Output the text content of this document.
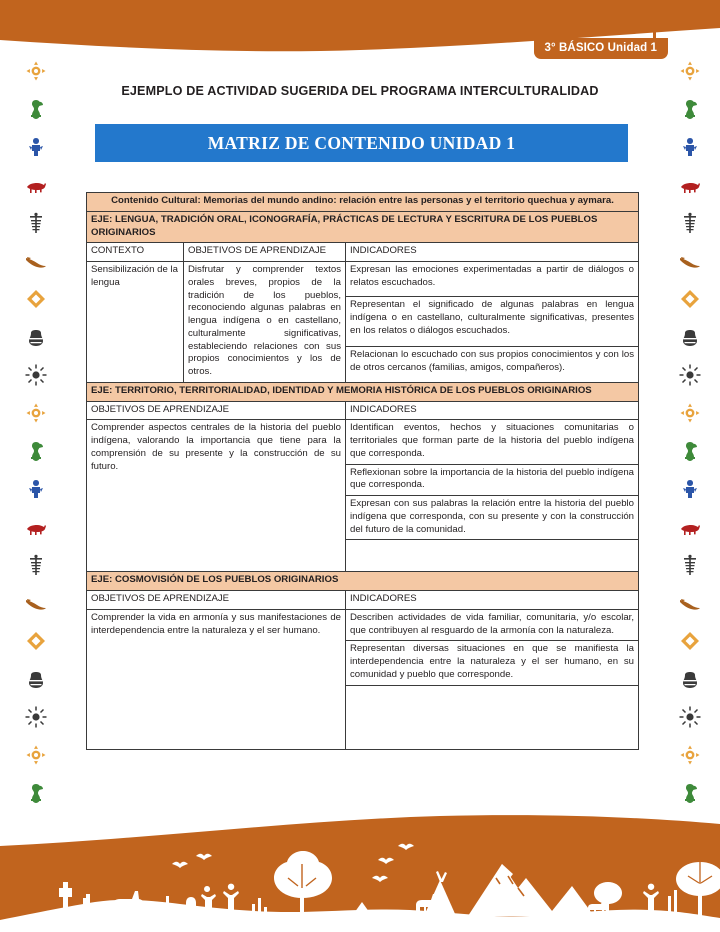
3° BÁSICO Unidad 1
EJEMPLO DE ACTIVIDAD SUGERIDA DEL PROGRAMA INTERCULTURALIDAD
MATRIZ DE CONTENIDO UNIDAD 1
Contenido Cultural: Memorias del mundo andino: relación entre las personas y el territorio quechua y aymara.		
EJE: LENGUA, TRADICIÓN ORAL, ICONOGRAFÍA, PRÁCTICAS DE LECTURA Y ESCRITURA DE LOS PUEBLOS ORIGINARIOS		
CONTEXTO	OBJETIVOS DE APRENDIZAJE	INDICADORES
Sensibilización de la lengua	Disfrutar y comprender textos orales breves, propios de la tradición de los pueblos, reconociendo algunas palabras en lengua indígena o en castellano, culturalmente significativas, estableciendo relaciones con sus propios conocimientos y los de otros.	Expresan las emociones experimentadas a partir de diálogos o relatos escuchados.
		Representan el significado de algunas palabras en lengua indígena o en castellano, culturalmente significativas, presentes en los relatos o diálogos escuchados.
		Relacionan lo escuchado con sus propios conocimientos y con los de otros cercanos (familias, amigos, compañeros).
EJE: TERRITORIO, TERRITORIALIDAD, IDENTIDAD Y MEMORIA HISTÓRICA DE LOS PUEBLOS ORIGINARIOS		
OBJETIVOS DE APRENDIZAJE		INDICADORES
Comprender aspectos centrales de la historia del pueblo indígena, valorando la importancia que tiene para la comprensión de su presente y la construcción de su futuro.		Identifican eventos, hechos y situaciones comunitarias o territoriales que forman parte de la historia del pueblo indígena que corresponda.
		Reflexionan sobre la importancia de la historia del pueblo indígena que corresponda.
		Expresan con sus palabras la relación entre la historia del pueblo indígena que corresponda, con su presente y con la construcción del futuro de la comunidad.

EJE: COSMOVISIÓN DE LOS PUEBLOS ORIGINARIOS		
OBJETIVOS DE APRENDIZAJE		INDICADORES
Comprender la vida en armonía y sus manifestaciones de interdependencia entre la naturaleza y el ser humano.		Describen actividades de vida familiar, comunitaria, y/o escolar, que contribuyen al resguardo de la armonía con la naturaleza.
		Representan diversas situaciones en que se manifiesta la interdependencia entre la naturaleza y el ser humano, en su comunidad y pueblo que corresponde.
